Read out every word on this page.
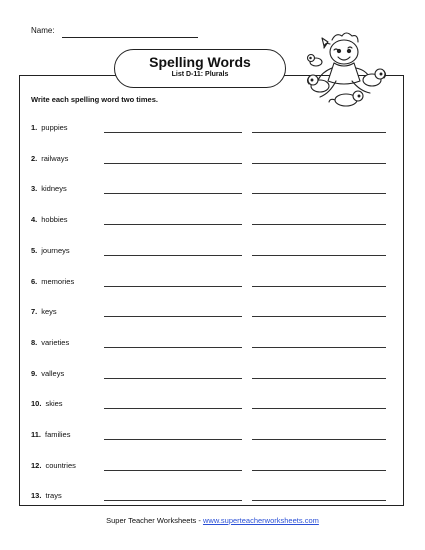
Name:
Spelling Words
List D-11: Plurals
Write each spelling word two times.
1. puppies
2. railways
3. kidneys
4. hobbies
5. journeys
6. memories
7. keys
8. varieties
9. valleys
10. skies
11. families
12. countries
13. trays
Super Teacher Worksheets - www.superteacherworksheets.com
